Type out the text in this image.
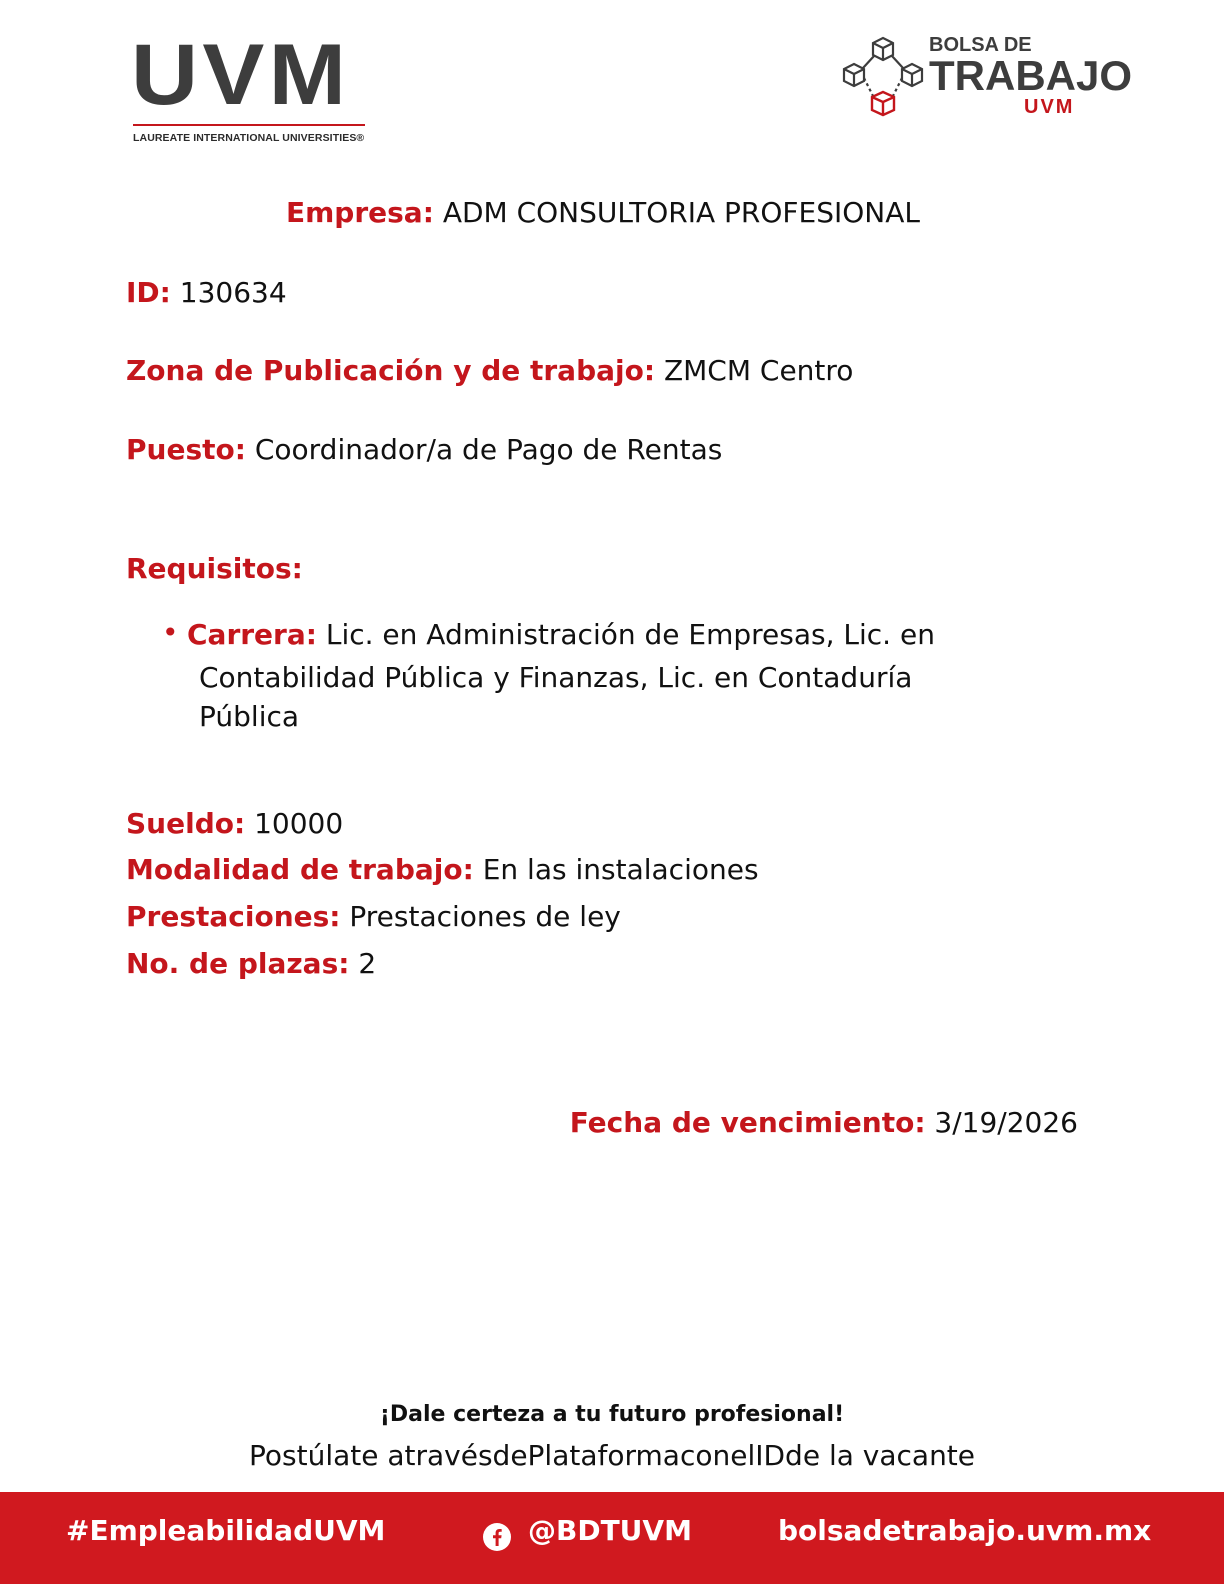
UVM
LAUREATE INTERNATIONAL UNIVERSITIES®
BOLSA DE
TRABAJO
UVM
Empresa: ADM CONSULTORIA PROFESIONAL
ID: 130634
Zona de Publicación y de trabajo: ZMCM Centro
Puesto: Coordinador/a de Pago de Rentas
Requisitos:
• Carrera: Lic. en Administración de Empresas, Lic. en
Contabilidad Pública y Finanzas, Lic. en Contaduría
Pública
Sueldo: 10000
Modalidad de trabajo: En las instalaciones
Prestaciones: Prestaciones de ley
No. de plazas: 2
Fecha de vencimiento: 3/19/2026
¡Dale certeza a tu futuro profesional!
Postúlate atravésdePlataformaconelIDde la vacante
#EmpleabilidadUVM	@BDTUVM	bolsadetrabajo.uvm.mx
